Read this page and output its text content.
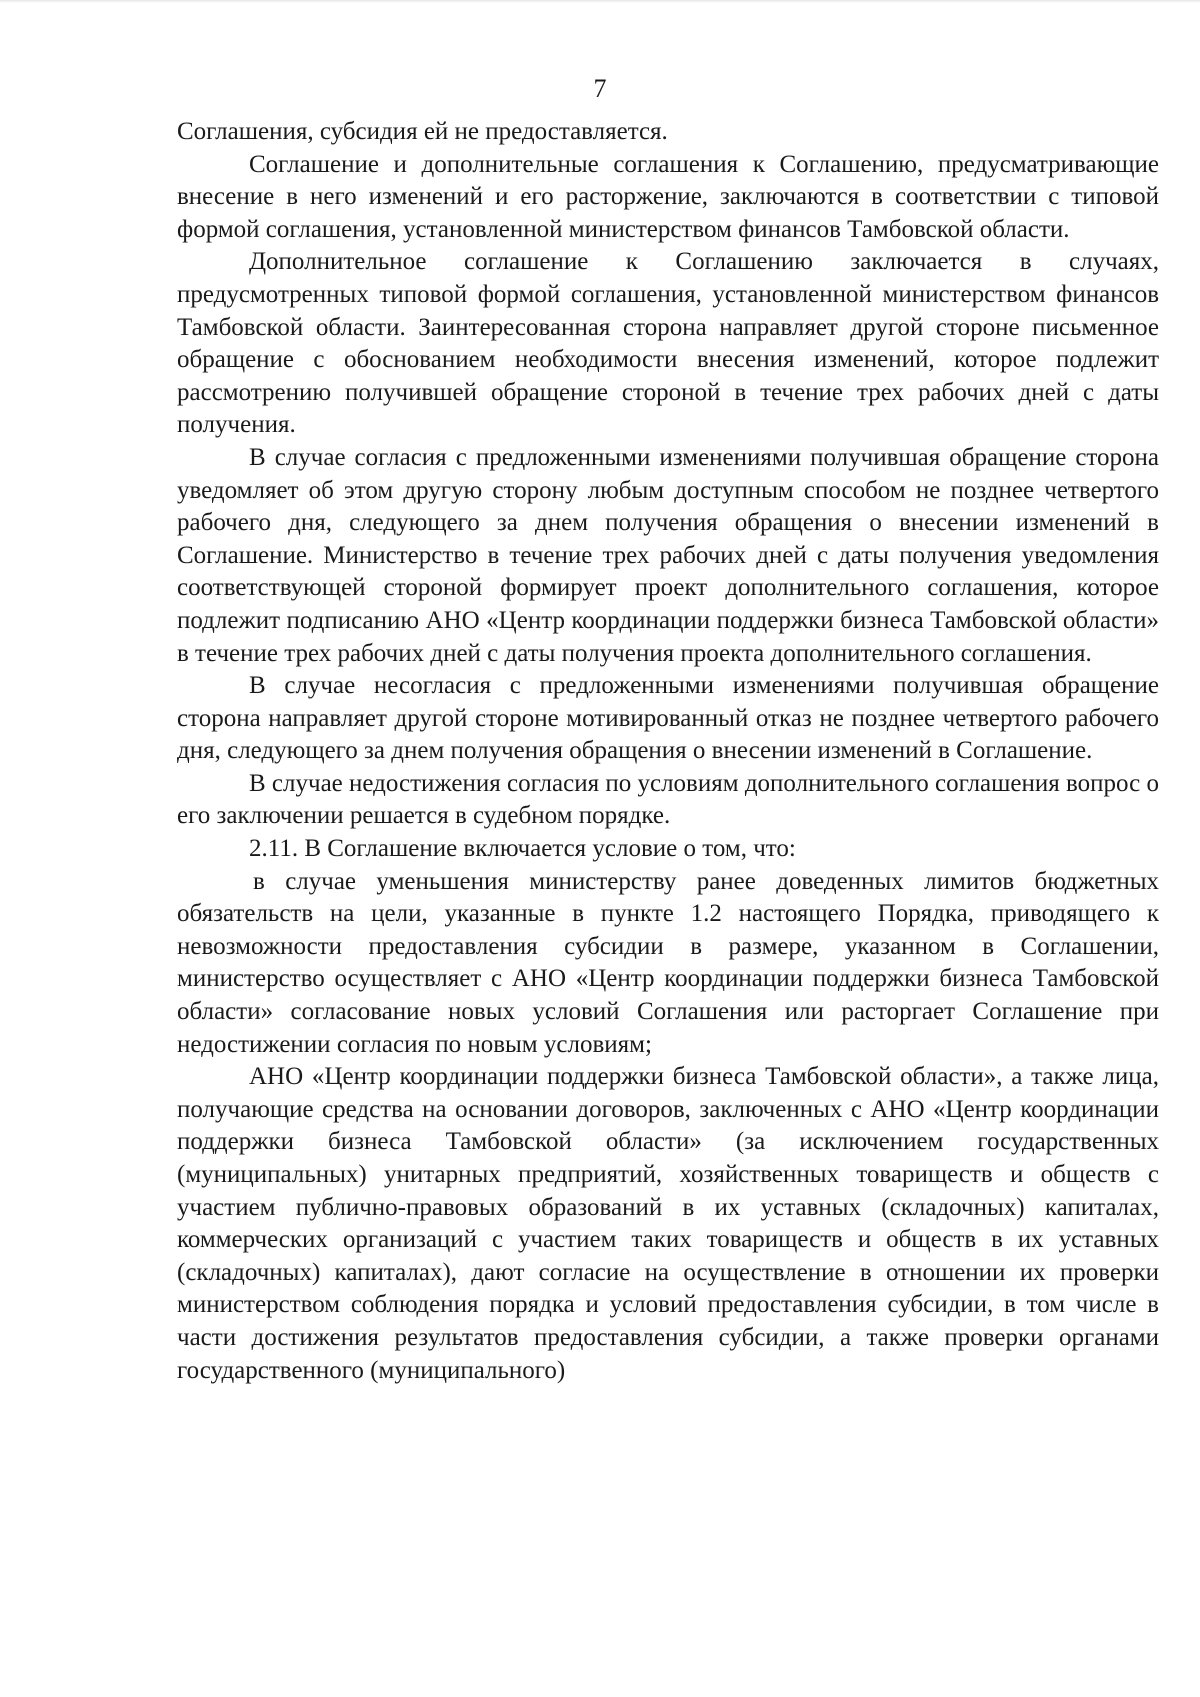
7

Соглашения, субсидия ей не предоставляется.

Соглашение и дополнительные соглашения к Соглашению, предусматривающие внесение в него изменений и его расторжение, заключаются в соответствии с типовой формой соглашения, установленной министерством финансов Тамбовской области.

Дополнительное соглашение к Соглашению заключается в случаях, предусмотренных типовой формой соглашения, установленной министерством финансов Тамбовской области. Заинтересованная сторона направляет другой стороне письменное обращение с обоснованием необходимости внесения изменений, которое подлежит рассмотрению получившей обращение стороной в течение трех рабочих дней с даты получения.

В случае согласия с предложенными изменениями получившая обращение сторона уведомляет об этом другую сторону любым доступным способом не позднее четвертого рабочего дня, следующего за днем получения обращения о внесении изменений в Соглашение. Министерство в течение трех рабочих дней с даты получения уведомления соответствующей стороной формирует проект дополнительного соглашения, которое подлежит подписанию АНО «Центр координации поддержки бизнеса Тамбовской области» в течение трех рабочих дней с даты получения проекта дополнительного соглашения.

В случае несогласия с предложенными изменениями получившая обращение сторона направляет другой стороне мотивированный отказ не позднее четвертого рабочего дня, следующего за днем получения обращения о внесении изменений в Соглашение.

В случае недостижения согласия по условиям дополнительного соглашения вопрос о его заключении решается в судебном порядке.

2.11. В Соглашение включается условие о том, что:

в случае уменьшения министерству ранее доведенных лимитов бюджетных обязательств на цели, указанные в пункте 1.2 настоящего Порядка, приводящего к невозможности предоставления субсидии в размере, указанном в Соглашении, министерство осуществляет с АНО «Центр координации поддержки бизнеса Тамбовской области» согласование новых условий Соглашения или расторгает Соглашение при недостижении согласия по новым условиям;

АНО «Центр координации поддержки бизнеса Тамбовской области», а также лица, получающие средства на основании договоров, заключенных с АНО «Центр координации поддержки бизнеса Тамбовской области» (за исключением государственных (муниципальных) унитарных предприятий, хозяйственных товариществ и обществ с участием публично-правовых образований в их уставных (складочных) капиталах, коммерческих организаций с участием таких товариществ и обществ в их уставных (складочных) капиталах), дают согласие на осуществление в отношении их проверки министерством соблюдения порядка и условий предоставления субсидии, в том числе в части достижения результатов предоставления субсидии, а также проверки органами государственного (муниципального)
